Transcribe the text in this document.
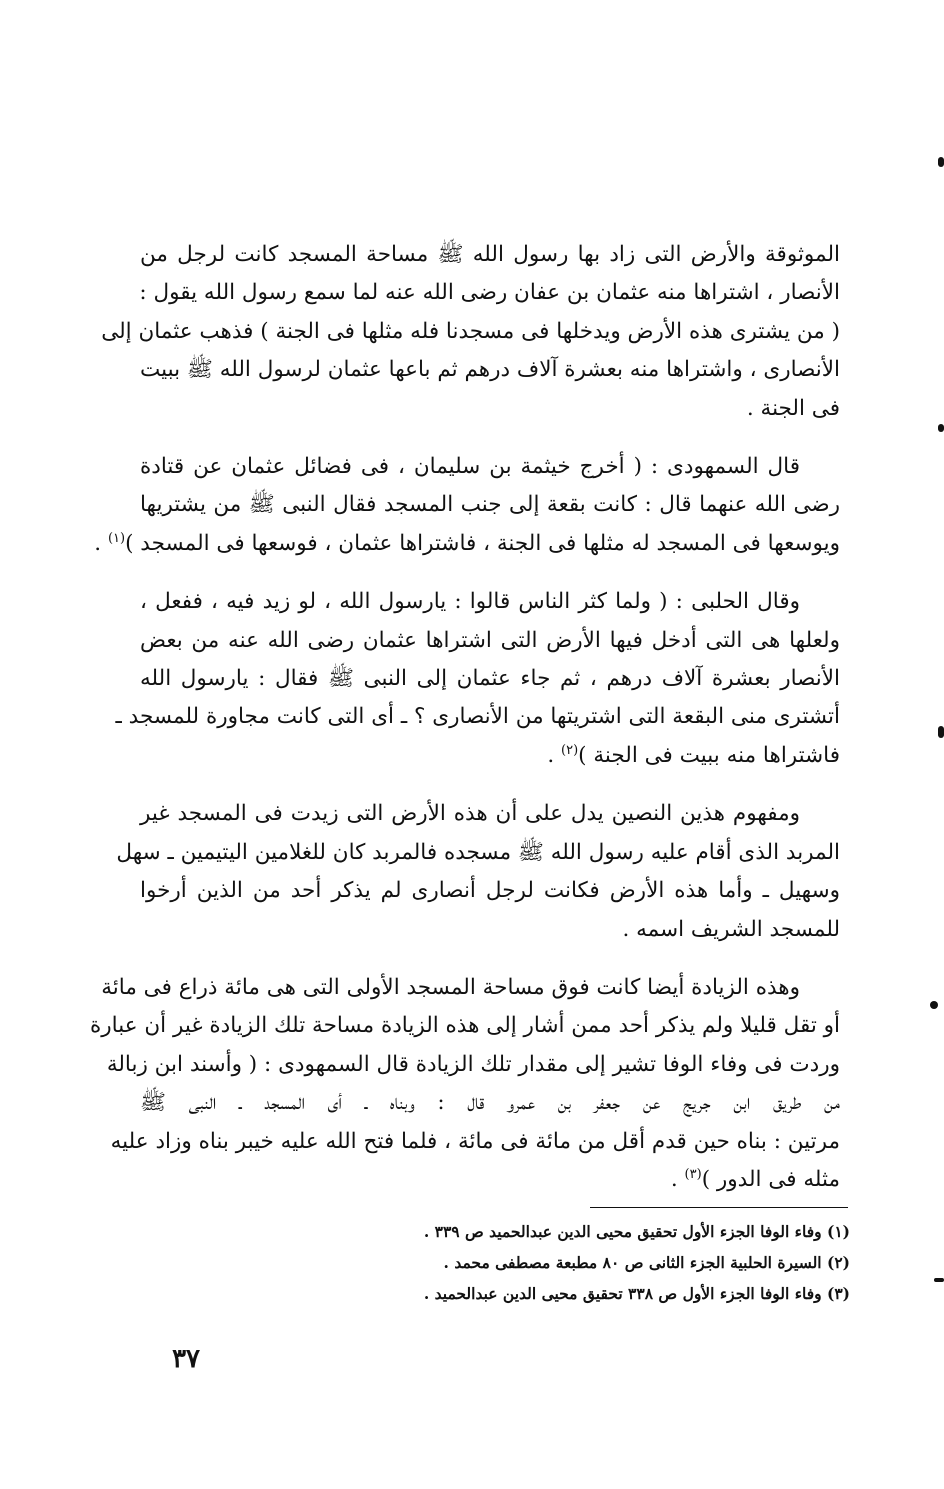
الموثوقة والأرض التى زاد بها رسول الله ﷺ مساحة المسجد كانت لرجل من
الأنصار ، اشتراها منه عثمان بن عفان رضى الله عنه لما سمع رسول الله يقول :
( من يشترى هذه الأرض ويدخلها فى مسجدنا فله مثلها فى الجنة ) فذهب عثمان إلى
الأنصارى ، واشتراها منه بعشرة آلاف درهم ثم باعها عثمان لرسول الله ﷺ ببيت
فى الجنة .

قال السمهودى : ( أخرج خيثمة بن سليمان ، فى فضائل عثمان عن قتادة
رضى الله عنهما قال : كانت بقعة إلى جنب المسجد فقال النبى ﷺ من يشتريها
ويوسعها فى المسجد له مثلها فى الجنة ، فاشتراها عثمان ، فوسعها فى المسجد )$^{(١)}$ .

وقال الحلبى : ( ولما كثر الناس قالوا : يارسول الله ، لو زيد فيه ، ففعل ،
ولعلها هى التى أدخل فيها الأرض التى اشتراها عثمان رضى الله عنه من بعض
الأنصار بعشرة آلاف درهم ، ثم جاء عثمان إلى النبى ﷺ فقال : يارسول الله
أتشترى منى البقعة التى اشتريتها من الأنصارى ؟ ـ أى التى كانت مجاورة للمسجد ـ
فاشتراها منه ببيت فى الجنة )$^{(٢)}$ .

ومفهوم هذين النصين يدل على أن هذه الأرض التى زيدت فى المسجد غير
المربد الذى أقام عليه رسول الله ﷺ مسجده فالمربد كان للغلامين اليتيمين ـ سهل
وسهيل ـ وأما هذه الأرض فكانت لرجل أنصارى لم يذكر أحد من الذين أرخوا
للمسجد الشريف اسمه .

وهذه الزيادة أيضا كانت فوق مساحة المسجد الأولى التى هى مائة ذراع فى مائة
أو تقل قليلا ولم يذكر أحد ممن أشار إلى هذه الزيادة مساحة تلك الزيادة غير أن عبارة
وردت فى وفاء الوفا تشير إلى مقدار تلك الزيادة قال السمهودى : ( وأسند ابن زبالة
من طريق ابن جريج عن جعفر بن عمرو قال : وبناه ـ أى المسجد ـ النبى ﷺ
مرتين : بناه حين قدم أقل من مائة فى مائة ، فلما فتح الله عليه خيبر بناه وزاد عليه
مثله فى الدور )$^{(٣)}$ .

(١) وفاء الوفا الجزء الأول تحقيق محيى الدين عبدالحميد ص ٣٣٩ .
(٢) السيرة الحلبية الجزء الثانى ص ٨٠ مطبعة مصطفى محمد .
(٣) وفاء الوفا الجزء الأول ص ٣٣٨ تحقيق محيى الدين عبدالحميد .
٣٧
